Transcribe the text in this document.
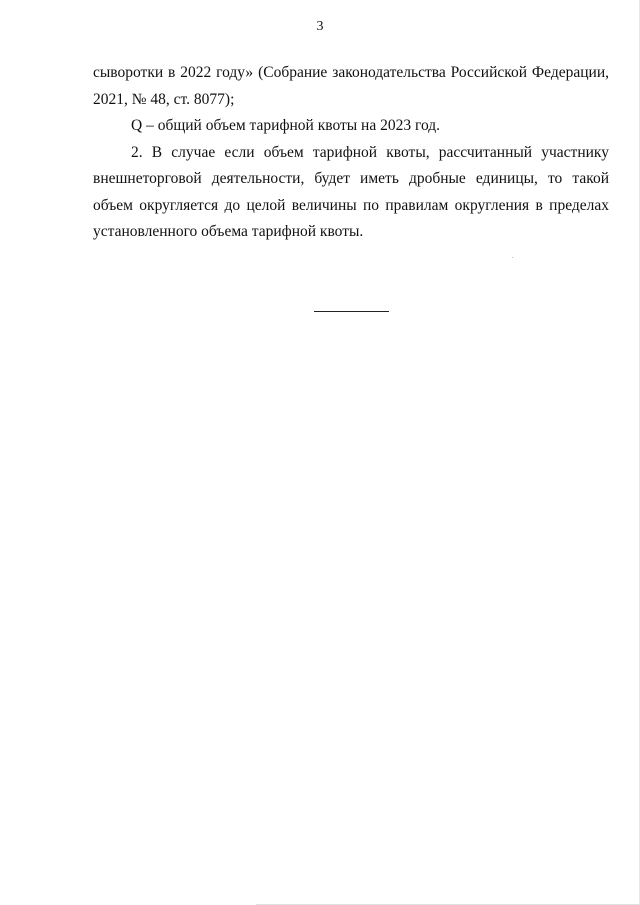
3

сыворотки в 2022 году» (Собрание законодательства Российской Федерации,

2021, № 48, ст. 8077);

Q – общий объем тарифной квоты на 2023 год.

2. В случае если объем тарифной квоты, рассчитанный участнику внешнеторговой деятельности, будет иметь дробные единицы, то такой объем округляется до целой величины по правилам округления в пределах установленного объема тарифной квоты.
